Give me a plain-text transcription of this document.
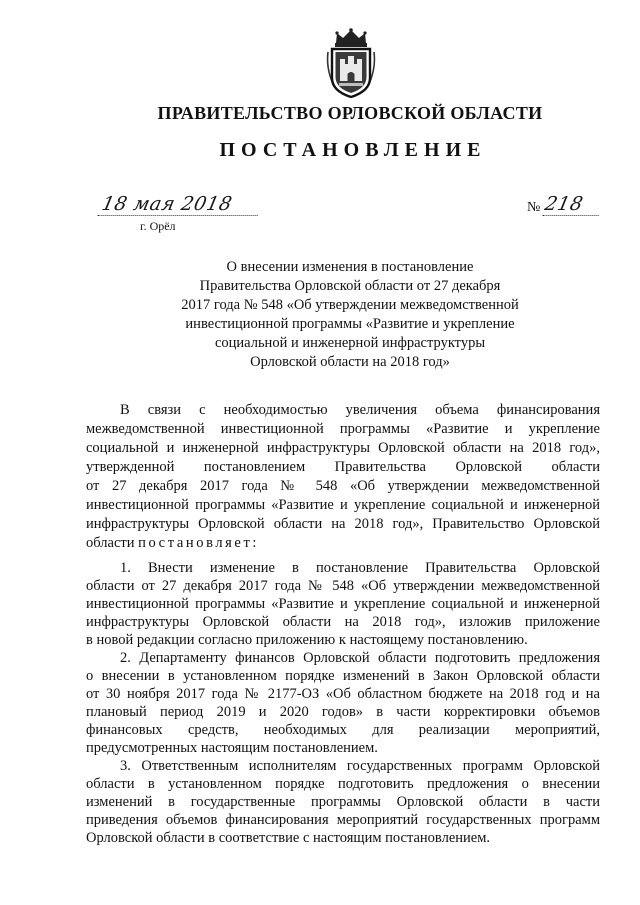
ПРАВИТЕЛЬСТВО ОРЛОВСКОЙ ОБЛАСТИ
ПОСТАНОВЛЕНИЕ
18 мая 2018
г. Орёл
№ 218
О внесении изменения в постановление
Правительства Орловской области от 27 декабря
2017 года № 548 «Об утверждении межведомственной
инвестиционной программы «Развитие и укрепление
социальной и инженерной инфраструктуры
Орловской области на 2018 год»
В связи с необходимостью увеличения объема финансирования
межведомственной инвестиционной программы «Развитие и укрепление
социальной и инженерной инфраструктуры Орловской области на 2018 год»,
утвержденной постановлением Правительства Орловской области
от 27 декабря 2017 года № 548 «Об утверждении межведомственной
инвестиционной программы «Развитие и укрепление социальной и инженерной
инфраструктуры Орловской области на 2018 год», Правительство Орловской
области постановляет:
1. Внести изменение в постановление Правительства Орловской
области от 27 декабря 2017 года № 548 «Об утверждении межведомственной
инвестиционной программы «Развитие и укрепление социальной и инженерной
инфраструктуры Орловской области на 2018 год», изложив приложение
в новой редакции согласно приложению к настоящему постановлению.
2. Департаменту финансов Орловской области подготовить предложения
о внесении в установленном порядке изменений в Закон Орловской области
от 30 ноября 2017 года № 2177-ОЗ «Об областном бюджете на 2018 год и на
плановый период 2019 и 2020 годов» в части корректировки объемов
финансовых средств, необходимых для реализации мероприятий,
предусмотренных настоящим постановлением.
3. Ответственным исполнителям государственных программ Орловской
области в установленном порядке подготовить предложения о внесении
изменений в государственные программы Орловской области в части
приведения объемов финансирования мероприятий государственных программ
Орловской области в соответствие с настоящим постановлением.
